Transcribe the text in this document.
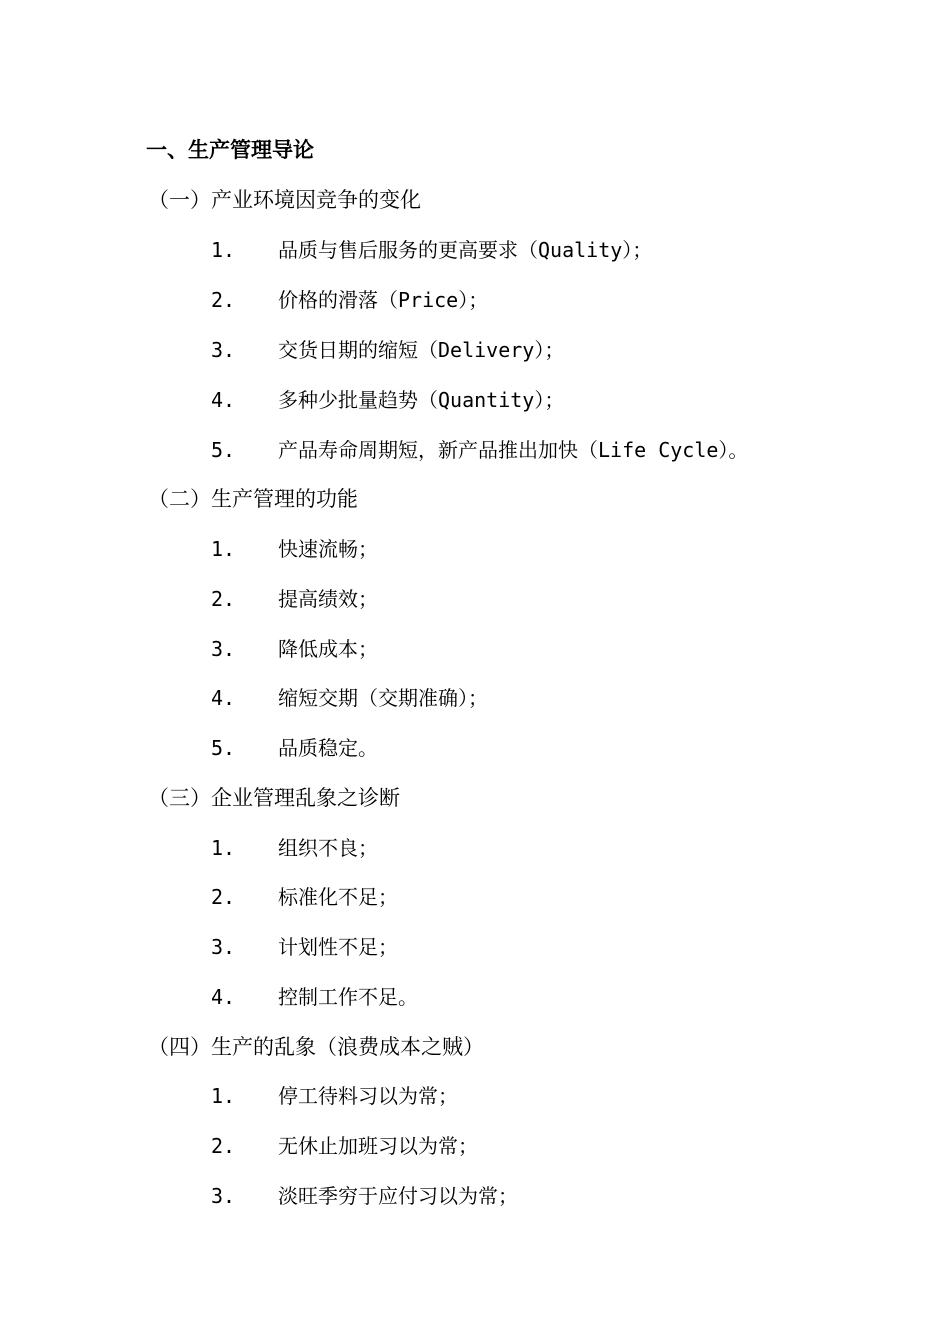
一、生产管理导论
（一）产业环境因竞争的变化
1. 品质与售后服务的更高要求（Quality）；
2. 价格的滑落（Price）；
3. 交货日期的缩短（Delivery）；
4. 多种少批量趋势（Quantity）；
5. 产品寿命周期短，新产品推出加快（Life Cycle）。
（二）生产管理的功能
1. 快速流畅；
2. 提高绩效；
3. 降低成本；
4. 缩短交期（交期准确）；
5. 品质稳定。
（三）企业管理乱象之诊断
1. 组织不良；
2. 标准化不足；
3. 计划性不足；
4. 控制工作不足。
（四）生产的乱象（浪费成本之贼）
1. 停工待料习以为常；
2. 无休止加班习以为常；
3. 淡旺季穷于应付习以为常；
